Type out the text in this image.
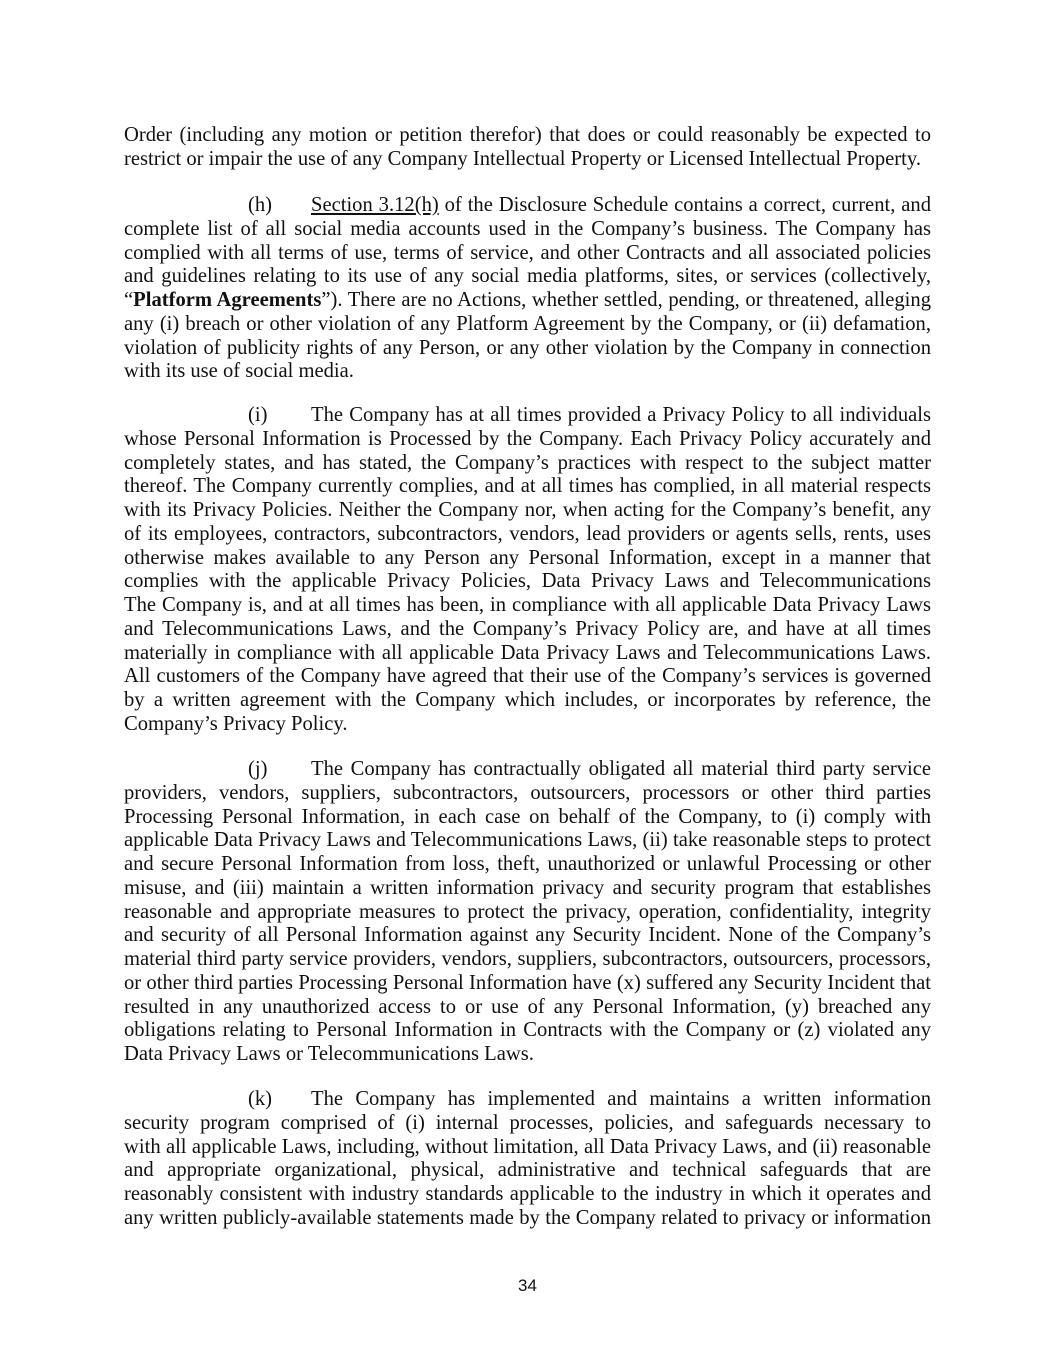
Order (including any motion or petition therefor) that does or could reasonably be expected to
restrict or impair the use of any Company Intellectual Property or Licensed Intellectual Property.
(h)	Section 3.12(h) of the Disclosure Schedule contains a correct, current, and
complete list of all social media accounts used in the Company’s business. The Company has
complied with all terms of use, terms of service, and other Contracts and all associated policies
and guidelines relating to its use of any social media platforms, sites, or services (collectively,
“Platform Agreements”). There are no Actions, whether settled, pending, or threatened, alleging
any (i) breach or other violation of any Platform Agreement by the Company, or (ii) defamation,
violation of publicity rights of any Person, or any other violation by the Company in connection
with its use of social media.
(i)	The Company has at all times provided a Privacy Policy to all individuals
whose Personal Information is Processed by the Company. Each Privacy Policy accurately and
completely states, and has stated, the Company’s practices with respect to the subject matter
thereof. The Company currently complies, and at all times has complied, in all material respects
with its Privacy Policies. Neither the Company nor, when acting for the Company’s benefit, any
of its employees, contractors, subcontractors, vendors, lead providers or agents sells, rents, uses
otherwise makes available to any Person any Personal Information, except in a manner that
complies with the applicable Privacy Policies, Data Privacy Laws and Telecommunications
The Company is, and at all times has been, in compliance with all applicable Data Privacy Laws
and Telecommunications Laws, and the Company’s Privacy Policy are, and have at all times
materially in compliance with all applicable Data Privacy Laws and Telecommunications Laws.
All customers of the Company have agreed that their use of the Company’s services is governed
by a written agreement with the Company which includes, or incorporates by reference, the
Company’s Privacy Policy.
(j)	The Company has contractually obligated all material third party service
providers, vendors, suppliers, subcontractors, outsourcers, processors or other third parties
Processing Personal Information, in each case on behalf of the Company, to (i) comply with
applicable Data Privacy Laws and Telecommunications Laws, (ii) take reasonable steps to protect
and secure Personal Information from loss, theft, unauthorized or unlawful Processing or other
misuse, and (iii) maintain a written information privacy and security program that establishes
reasonable and appropriate measures to protect the privacy, operation, confidentiality, integrity
and security of all Personal Information against any Security Incident. None of the Company’s
material third party service providers, vendors, suppliers, subcontractors, outsourcers, processors,
or other third parties Processing Personal Information have (x) suffered any Security Incident that
resulted in any unauthorized access to or use of any Personal Information, (y) breached any
obligations relating to Personal Information in Contracts with the Company or (z) violated any
Data Privacy Laws or Telecommunications Laws.
(k)	The Company has implemented and maintains a written information
security program comprised of (i) internal processes, policies, and safeguards necessary to
with all applicable Laws, including, without limitation, all Data Privacy Laws, and (ii) reasonable
and appropriate organizational, physical, administrative and technical safeguards that are
reasonably consistent with industry standards applicable to the industry in which it operates and
any written publicly-available statements made by the Company related to privacy or information
34
